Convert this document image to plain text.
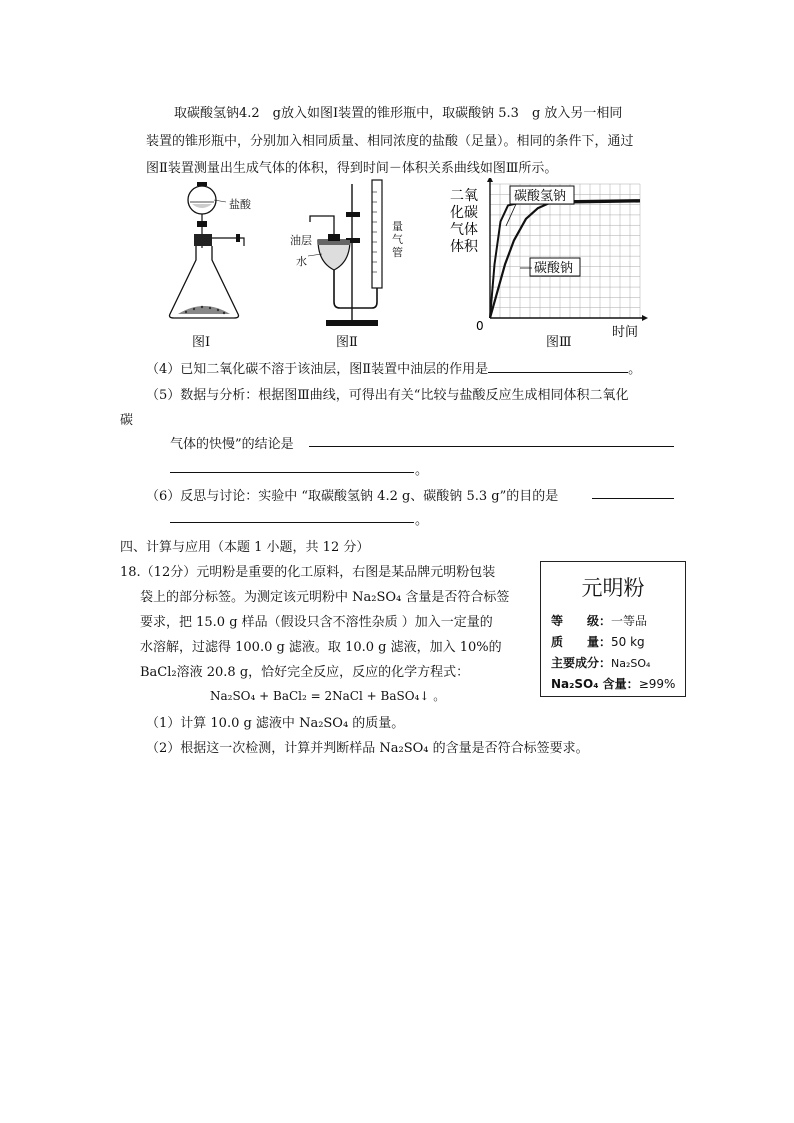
取碳酸氢钠4.2　g放入如图Ⅰ装置的锥形瓶中，取碳酸钠 5.3　g 放入另一相同
装置的锥形瓶中，分别加入相同质量、相同浓度的盐酸（足量）。相同的条件下，通过
图Ⅱ装置测量出生成气体的体积，得到时间－体积关系曲线如图Ⅲ所示。
盐酸
图Ⅰ
油层
水
量
气
管
图Ⅱ
碳酸氢钠
碳酸钠
二氧
化碳
气体
体积
0	时间
图Ⅲ
（4）已知二氧化碳不溶于该油层，图Ⅱ装置中油层的作用是	。
（5）数据与分析：根据图Ⅲ曲线，可得出有关“比较与盐酸反应生成相同体积二氧化
碳
气体的快慢”的结论是
。
（6）反思与讨论：实验中 “取碳酸氢钠 4.2 g、碳酸钠 5.3 g”的目的是
。
四、计算与应用（本题 1 小题，共 12 分）
18.（12分）元明粉是重要的化工原料，右图是某品牌元明粉包装
袋上的部分标签。为测定该元明粉中 Na₂SO₄ 含量是否符合标签
要求，把 15.0 g 样品（假设只含不溶性杂质 ）加入一定量的
水溶解，过滤得 100.0 g 滤液。取 10.0 g 滤液，加入 10%的
BaCl₂溶液 20.8 g，恰好完全反应，反应的化学方程式：
Na₂SO₄ + BaCl₂ = 2NaCl + BaSO₄↓ 。
（1）计算 10.0 g 滤液中 Na₂SO₄ 的质量。
（2）根据这一次检测，计算并判断样品 Na₂SO₄ 的含量是否符合标签要求。
元明粉
等　　级：一等品
质　　量：50 kg
主要成分：Na₂SO₄
Na₂SO₄ 含量：≥99%
